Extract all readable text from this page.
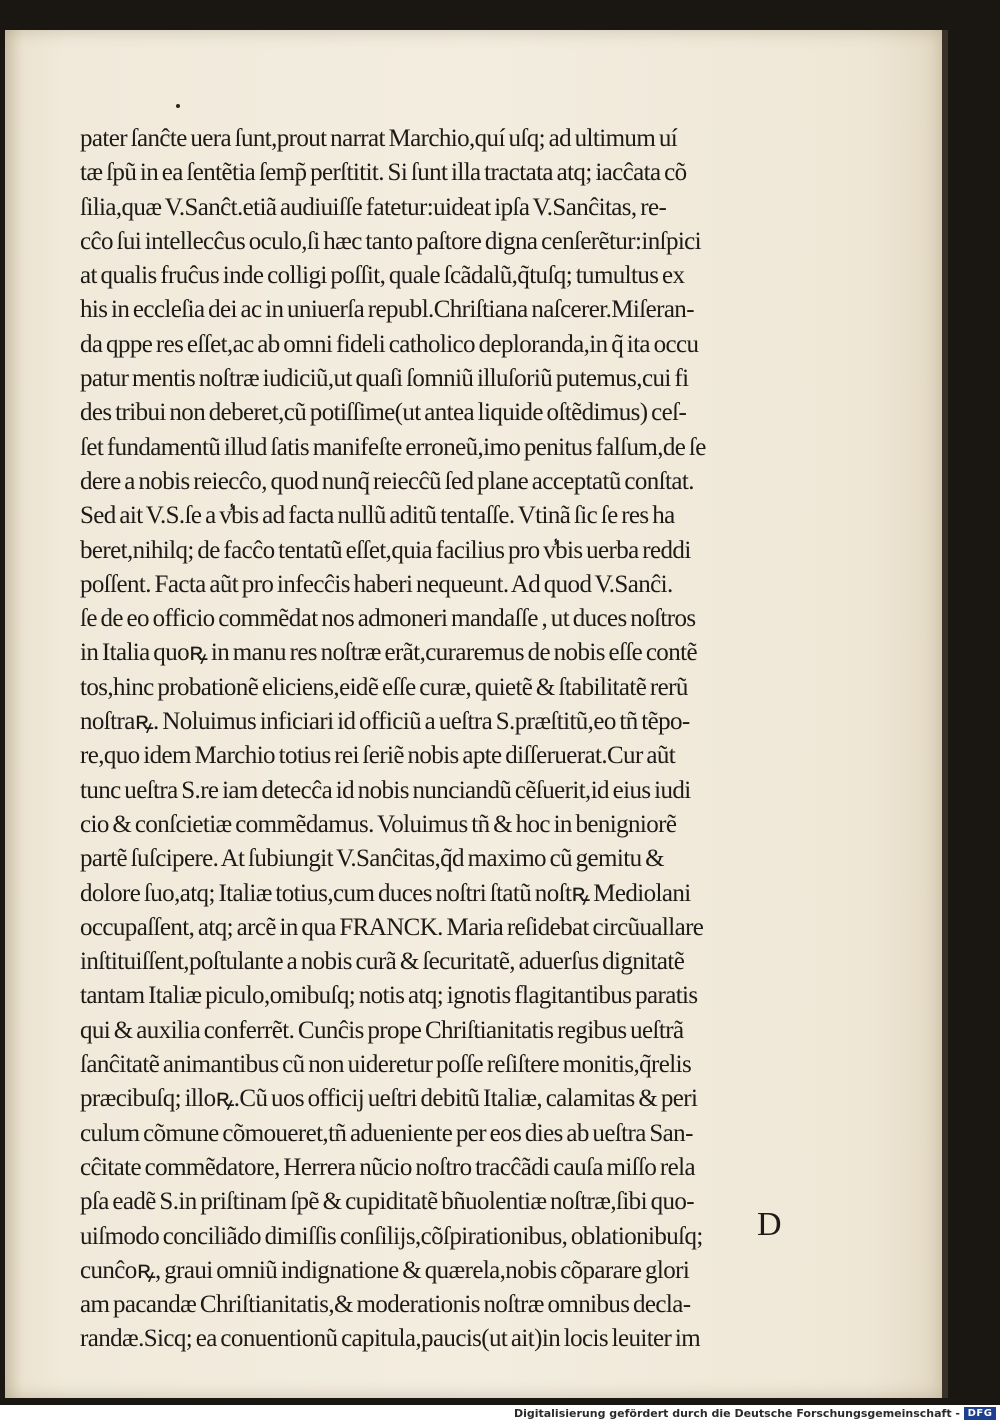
pater ſanĉte uera ſunt,prout narrat Marchio,quí uſq; ad ultimum uí
tæ ſpũ in ea ſentẽtia ſemp̃ perſtitit. Si ſunt illa tractata atq; iacĉata cõ
ſilia,quæ V.Sanĉt.etiã audiuiſſe fatetur:uideat ipſa V.Sanĉitas, re-
cĉo ſui intellecĉus oculo,ſi hæc tanto paſtore digna cenſerẽtur:inſpici
at qualis fruĉus inde colligi poſſit, quale ſcãdalũ,q̃tuſq; tumultus ex
his in eccleſia dei ac in uniuerſa republ.Chriſtiana naſcerer.Miſeran-
da qppe res eſſet,ac ab omni fideli catholico deploranda,in q̃ ita occu
patur mentis noſtræ iudiciũ,ut quaſi ſomniũ illuſoriũ putemus,cui fi
des tribui non deberet,cũ potiſſime(ut antea liquide oſtẽdimus) ceſ-
ſet fundamentũ illud ſatis manifeſte erroneũ,imo penitus falſum,de ſe
dere a nobis reiecĉo, quod nunq̃ reiecĉũ ſed plane acceptatũ conſtat.
Sed ait V.S.ſe a v̾bis ad facta nullũ aditũ tentaſſe. Vtinã ſic ſe res ha
beret,nihilq; de facĉo tentatũ eſſet,quia facilius pro v̾bis uerba reddi
poſſent. Facta aũt pro infecĉis haberi nequeunt. Ad quod V.Sanĉi.
ſe de eo officio commẽdat nos admoneri mandaſſe , ut duces noſtros
in Italia quoꝶ in manu res noſtræ erãt,curaremus de nobis eſſe contẽ
tos,hinc probationẽ eliciens,eidẽ eſſe curæ, quietẽ & ſtabilitatẽ rerũ
noſtraꝶ. Noluimus inficiari id officiũ a ueſtra S.præſtitũ,eo tñ tẽpo-
re,quo idem Marchio totius rei ſeriẽ nobis apte diſſeruerat.Cur aũt
tunc ueſtra S.re iam detecĉa id nobis nunciandũ cẽſuerit,id eius iudi
cio & conſcietiæ commẽdamus. Voluimus tñ & hoc in benigniorẽ
partẽ ſuſcipere. At ſubiungit V.Sanĉitas,q̃d maximo cũ gemitu &
dolore ſuo,atq; Italiæ totius,cum duces noſtri ſtatũ noſtꝶ Mediolani
occupaſſent, atq; arcẽ in qua FRANCK. Maria reſidebat circũuallare
inſtituiſſent,poſtulante a nobis curã & ſecuritatẽ, aduerſus dignitatẽ
tantam Italiæ piculo,omibuſq; notis atq; ignotis flagitantibus paratis
qui & auxilia conferrẽt. Cunĉis prope Chriſtianitatis regibus ueſtrã
ſanĉitatẽ animantibus cũ non uideretur poſſe reſiſtere monitis,q̃relis
præcibuſq; illoꝶ.Cũ uos officij ueſtri debitũ Italiæ, calamitas & peri
culum cõmune cõmoueret,tñ aduenientе per eos dies ab ueſtra San-
cĉitate commẽdatore, Herrera nũcio noſtro tracĉãdi cauſa miſſo rela
pſa eadẽ S.in priſtinam ſpẽ & cupiditatẽ bñuolentiæ noſtræ,ſibi quo-
uiſmodo conciliãdo dimiſſis conſilijs,cõſpirationibus, oblationibuſq;
cunĉoꝶ, graui omniũ indignatione & quærela,nobis cõparare glori
am pacandæ Chriſtianitatis,& moderationis noſtræ omnibus decla-
randæ.Sicq; ea conuentionũ capitula,paucis(ut ait)in locis leuiter im
D
Digitalisierung gefördert durch die Deutsche Forschungsgemeinschaft - DFG
